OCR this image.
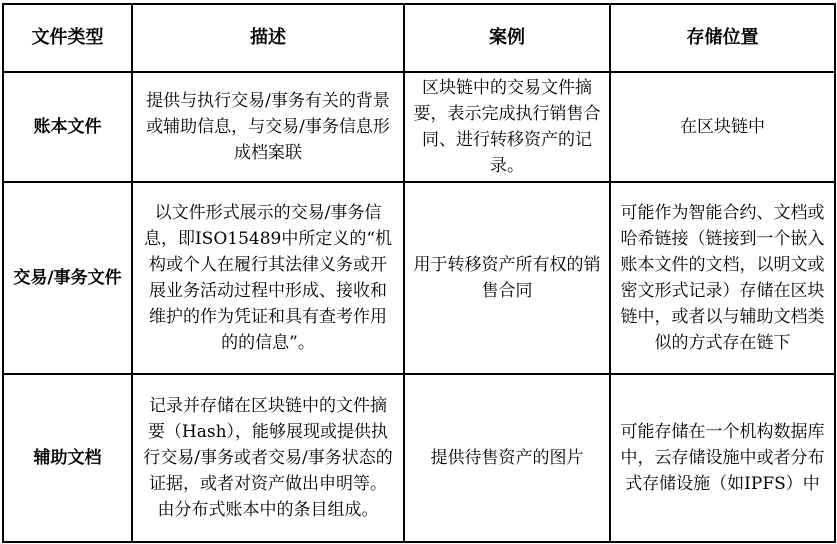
文件类型	描述	案例	存储位置
账本文件	提供与执行交易/事务有关的背景或辅助信息，与交易/事务信息形成档案联	区块链中的交易文件摘要，表示完成执行销售合同、进行转移资产的记录。	在区块链中
交易/事务文件	以文件形式展示的交易/事务信息，即ISO15489中所定义的“机构或个人在履行其法律义务或开展业务活动过程中形成、接收和维护的作为凭证和具有查考作用的的信息”。	用于转移资产所有权的销售合同	可能作为智能合约、文档或哈希链接（链接到一个嵌入账本文件的文档，以明文或密文形式记录）存储在区块链中，或者以与辅助文档类似的方式存在链下
辅助文档	记录并存储在区块链中的文件摘要（Hash），能够展现或提供执行交易/事务或者交易/事务状态的证据，或者对资产做出申明等。由分布式账本中的条目组成。	提供待售资产的图片	可能存储在一个机构数据库中，云存储设施中或者分布式存储设施（如IPFS）中
